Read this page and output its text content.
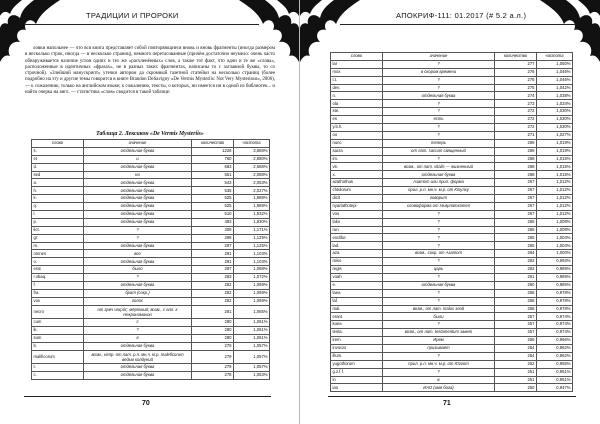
ТРАДИЦИИ И ПРОРОКИ

ловки напольнее — что вся книга представляет собой повторяющиеся вновь и вновь фрагменты (иногда размером в несколько строк, иногда — в несколько страниц), немного перетасованные (причём достаточно неумело: очень часто обнаруживается наличие углов одних и тех же «расчленённых» слов, а также тот факт, что одни и те же «слова», расположенные в идентичных «фразах», не в разных таких фрагментах, написаны то с заглавной буквы, то со строчной). «Злейший манускрипт» утечки автором да скромный газетной статейки на несколько страниц (более подробно на эту и другие темы говорится в книге Brandon DeSavigny «De Vermis Mysteriis: Not Very Mysterious», 2006), — к сожалению, только на английском языке; к сожалению, тексты, о которых, ни имеется ни в одной из библиотек... и найти очерка на англ. — статистика «слов» сводится в такой таблице:

Таблица 2. Лексикон «De Vermis Mysteriis»
слово	значение	количество	частота
s.	отдельная буква	1226	3,888%
et	и	760	2,880%
d.	отдельная буква	683	2,588%
sed	но	551	2,088%
a.	отдельная буква	543	2,053%
h.	отдельная буква	535	2,027%
k.	отдельная буква	525	1,989%
q.	отдельная буква	525	1,989%
l.	отдельная буква	510	1,932%
p.	отдельная буква	483	1,830%
lict.	?	309	1,171%
gr.	?	298	1,129%
m.	отдельная буква	297	1,125%
omnes	все	291	1,103%
o.	отдельная буква	291	1,103%
erat	было	287	1,088%
r.vbaq.	?	283	1,072%
f.	отдельная буква	282	1,069%
fra.	брат (сокр.)	282	1,069%
vox	голос	282	1,069%
necro	от греч νεκρός: мёртвый; возм., с алл. к Некрономикон	281	1,065%
cum	с	280	1,061%
ik.	?	280	1,061%
sum	я	280	1,061%
b.	отдельная буква	279	1,057%
malificorum	возм., непр. от лат. р.п. мн.ч. м.р. maleficorum ведьм колдуний	279	1,057%
t.	отдельная буква	279	1,057%
c.	отдельная буква	278	1,053%
70
АПОКРИФ-111: 01.2017 (# 5.2 а.л.)
слово	значение	количество	частота
lar	?	277	1,050%
mox	в скором времени	276	1,046%
t.t.	?	276	1,046%
dev.	?	275	1,042%
n.	отдельная буква	274	1,038%
ola	?	273	1,034%
ste.	?	272	1,030%
es	есть	272	1,030%
y.b.h.	?	272	1,030%
oo	?	271	1,027%
nunc	теперь	269	1,019%
sacra	от лат. sacrum священный	269	1,019%
im.	?	268	1,015%
vit.	возм., от лат. vitalis — жизненный	268	1,015%
x.	отдельная буква	268	1,015%
azathothus	Азатот или прил. форма	267	1,012%
chtulorum	прил. р.п. мн.ч. м.р. от Ктулху	267	1,012%
dicit	говорит	267	1,012%
nyarlathotepi	словоформа от Ньярлатхотеп	267	1,012%
voo	?	267	1,012%
laku	?	266	1,008%
run.	?	266	1,008%
exclifur.	?	265	1,004%
lad.	?	265	1,004%
aza.	возм., сокр. от Азатот	264	1,000%
miso	?	262	0,993%
regis	царь	262	0,989%
voah	?	261	0,989%
e.	отдельная буква	260	0,985%
laea	?	258	0,978%
laf.	?	258	0,978%
mal.	возм., от лат. malus злой	258	0,978%
erant	были	257	0,974%
kuea	?	257	0,974%
testa.	возм., от лат. testamentum завет	257	0,974%
irem	Ирем	255	0,966%
invocat	призывает	254	0,962%
illum.	?	254	0,962%
yugothorum	прил. р.п. мн.ч. м.р. от Юггот	252	0,955%
g.z.f.f.	?	251	0,951%
in	в	251	0,951%
iao	ИАО (имя бога)	250	0,947%
71
